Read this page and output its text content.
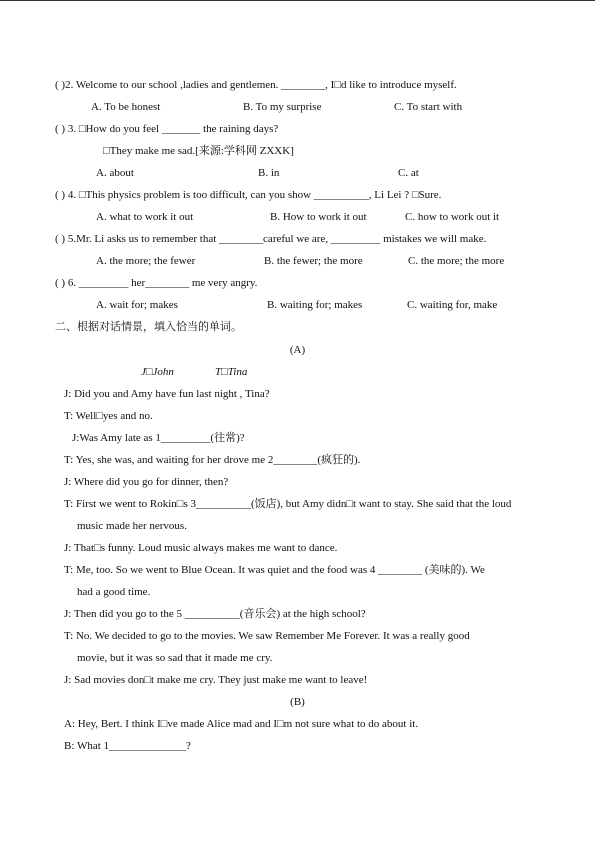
( )2. Welcome to our school ,ladies and gentlemen. ________, I□d like to introduce myself.
A. To be honest	B. To my surprise	C. To start with
( ) 3. □How do you feel _______ the raining days?
□They make me sad.[来源:学科网 ZXXK]
A. about	B. in	C. at
( ) 4. □This physics problem is too difficult, can you show __________, Li Lei ? □Sure.
A. what to work it out	B. How to work it out	C. how to work out it
( ) 5.Mr. Li asks us to remember that ________careful we are, _________ mistakes we will make.
A. the more; the fewer	B. the fewer; the more	C. the more; the more
( ) 6. _________ her________ me very angry.
A. wait for; makes	B. waiting for; makes	C. waiting for, make
二、根据对话情景，填入恰当的单词。
(A)
J□John	T□Tina
J: Did you and Amy have fun last night , Tina?
T: Well□yes and no.
J:Was Amy late as 1_________(往常)?
T: Yes, she was, and waiting for her drove me 2________(疯狂的).
J: Where did you go for dinner, then?
T: First we went to Rokin□s 3__________(饭店), but Amy didn□t want to stay. She said that the loud
music made her nervous.
J: That□s funny. Loud music always makes me want to dance.
T: Me, too. So we went to Blue Ocean. It was quiet and the food was 4 ________ (美味的). We
had a good time.
J: Then did you go to the 5 __________(音乐会) at the high school?
T: No. We decided to go to the movies. We saw Remember Me Forever. It was a really good
movie, but it was so sad that it made me cry.
J: Sad movies don□t make me cry. They just make me want to leave!
(B)
A: Hey, Bert. I think I□ve made Alice mad and I□m not sure what to do about it.
B: What 1______________?
